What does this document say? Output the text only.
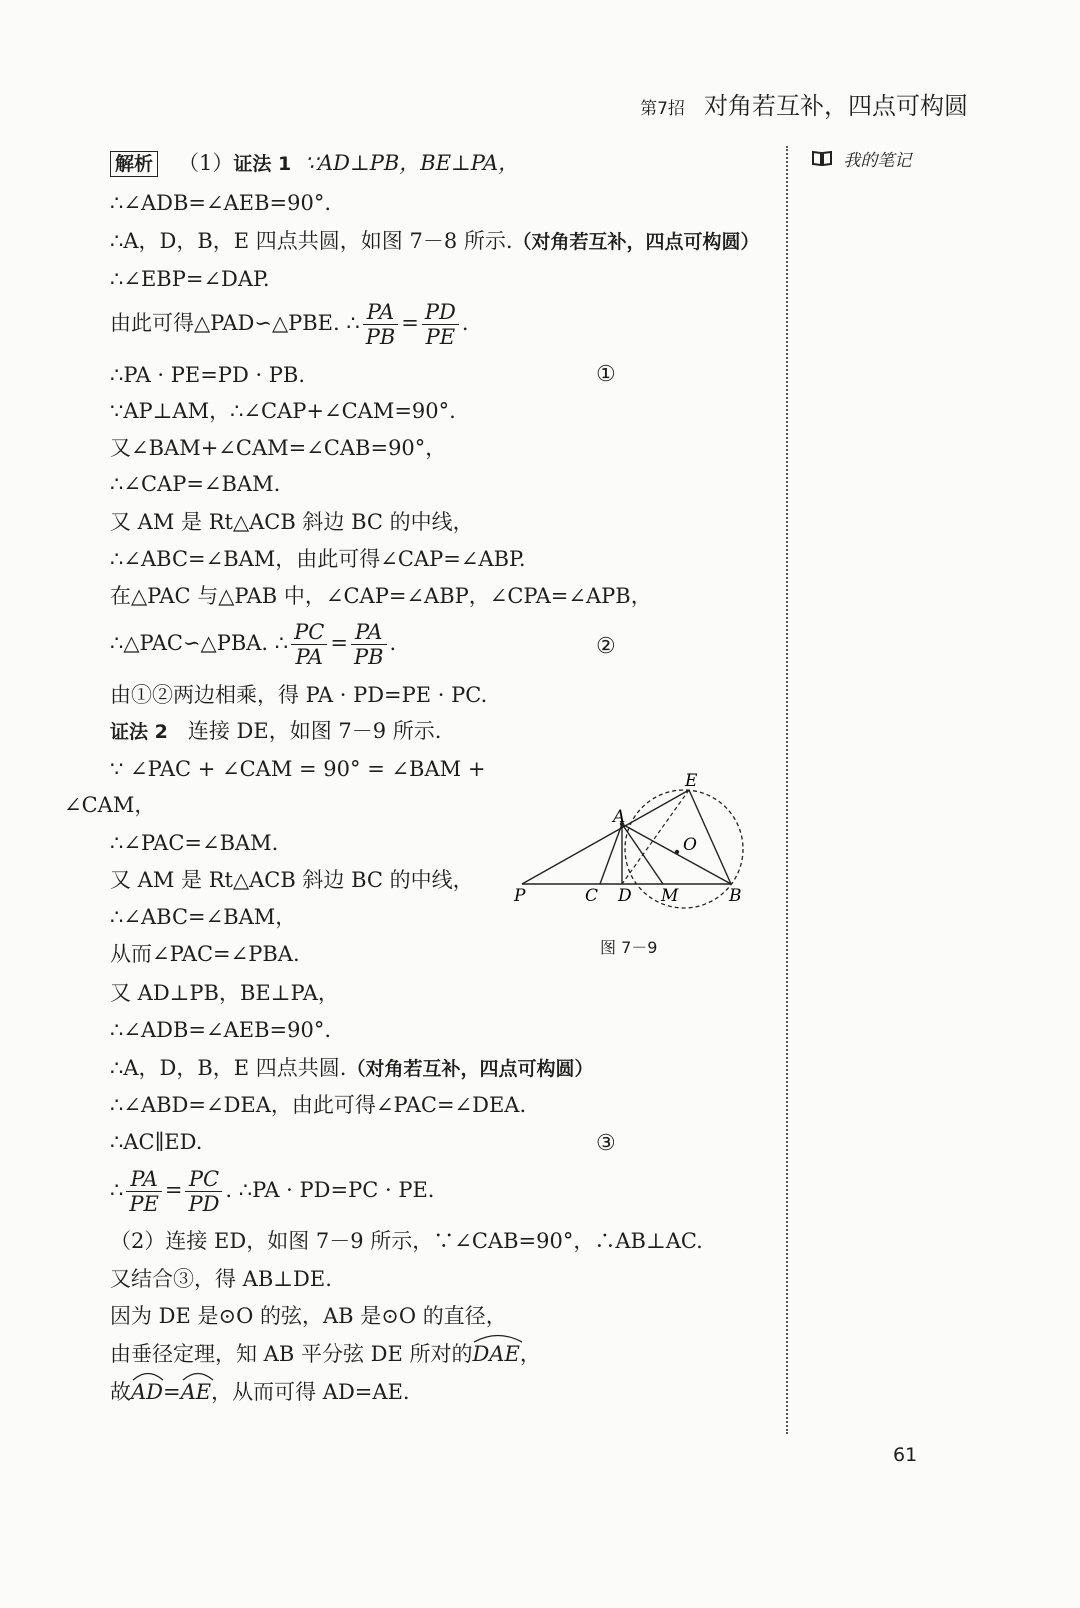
第7招 对角若互补，四点可构圆
我的笔记
解析 （1）证法 1 ∵AD⊥PB，BE⊥PA，
∴∠ADB=∠AEB=90°.
∴A，D，B，E 四点共圆，如图 7－8 所示.（对角若互补，四点可构圆）
∴∠EBP=∠DAP.
由此可得△PAD∽△PBE. ∴ $\frac{PA}{PB} = \frac{PD}{PE}$ .
∴PA · PE=PD · PB.	①
∵AP⊥AM，∴∠CAP+∠CAM=90°.
又∠BAM+∠CAM=∠CAB=90°，
∴∠CAP=∠BAM.
又 AM 是 Rt△ACB 斜边 BC 的中线，
∴∠ABC=∠BAM，由此可得∠CAP=∠ABP.
在△PAC 与△PAB 中，∠CAP=∠ABP，∠CPA=∠APB，
∴△PAC∽△PBA. ∴ $\frac{PC}{PA} = \frac{PA}{PB}$ .	②
由①②两边相乘，得 PA · PD=PE · PC.
证法 2 连接 DE，如图 7－9 所示.
∵ ∠PAC + ∠CAM = 90° = ∠BAM +
∠CAM，
∴∠PAC=∠BAM.
又 AM 是 Rt△ACB 斜边 BC 的中线，
∴∠ABC=∠BAM，
从而∠PAC=∠PBA.
又 AD⊥PB，BE⊥PA，
∴∠ADB=∠AEB=90°.
∴A，D，B，E 四点共圆.（对角若互补，四点可构圆）
∴∠ABD=∠DEA，由此可得∠PAC=∠DEA.
∴AC∥ED.	③
∴ $\frac{PA}{PE} = \frac{PC}{PD}$ . ∴PA · PD=PC · PE.
（2）连接 ED，如图 7－9 所示，∵∠CAB=90°，∴AB⊥AC.
又结合③，得 AB⊥DE.
因为 DE 是⊙O 的弦，AB 是⊙O 的直径，
由垂径定理，知 AB 平分弦 DE 所对的
DAE，
故
AD=
AE，从而可得 AD=AE.
E
A
O
P	C D M	B
图 7－9
61
